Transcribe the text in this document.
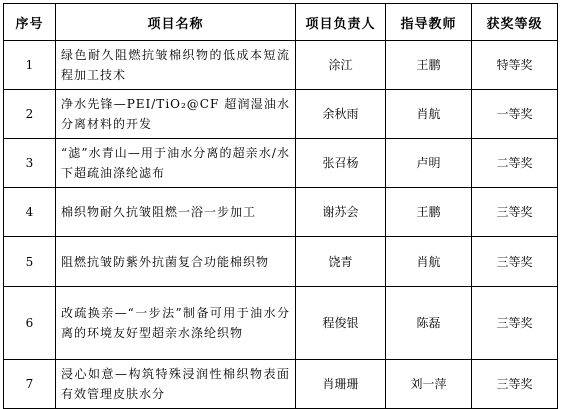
序号	项目名称	项目负责人	指导教师	获奖等级
1	绿色耐久阻燃抗皱棉织物的低成本短流程加工技术	涂江	王鹏	特等奖
2	净水先锋—PEI/TiO₂@CF 超润湿油水分离材料的开发	余秋雨	肖航	一等奖
3	“滤”水青山—用于油水分离的超亲水/水下超疏油涤纶滤布	张召杨	卢明	二等奖
4	棉织物耐久抗皱阻燃一浴一步加工	谢苏会	王鹏	三等奖
5	阻燃抗皱防紫外抗菌复合功能棉织物	饶青	肖航	三等奖
6	改疏换亲—“一步法”制备可用于油水分离的环境友好型超亲水涤纶织物	程俊银	陈磊	三等奖
7	浸心如意—构筑特殊浸润性棉织物表面有效管理皮肤水分	肖珊珊	刘一萍	三等奖
